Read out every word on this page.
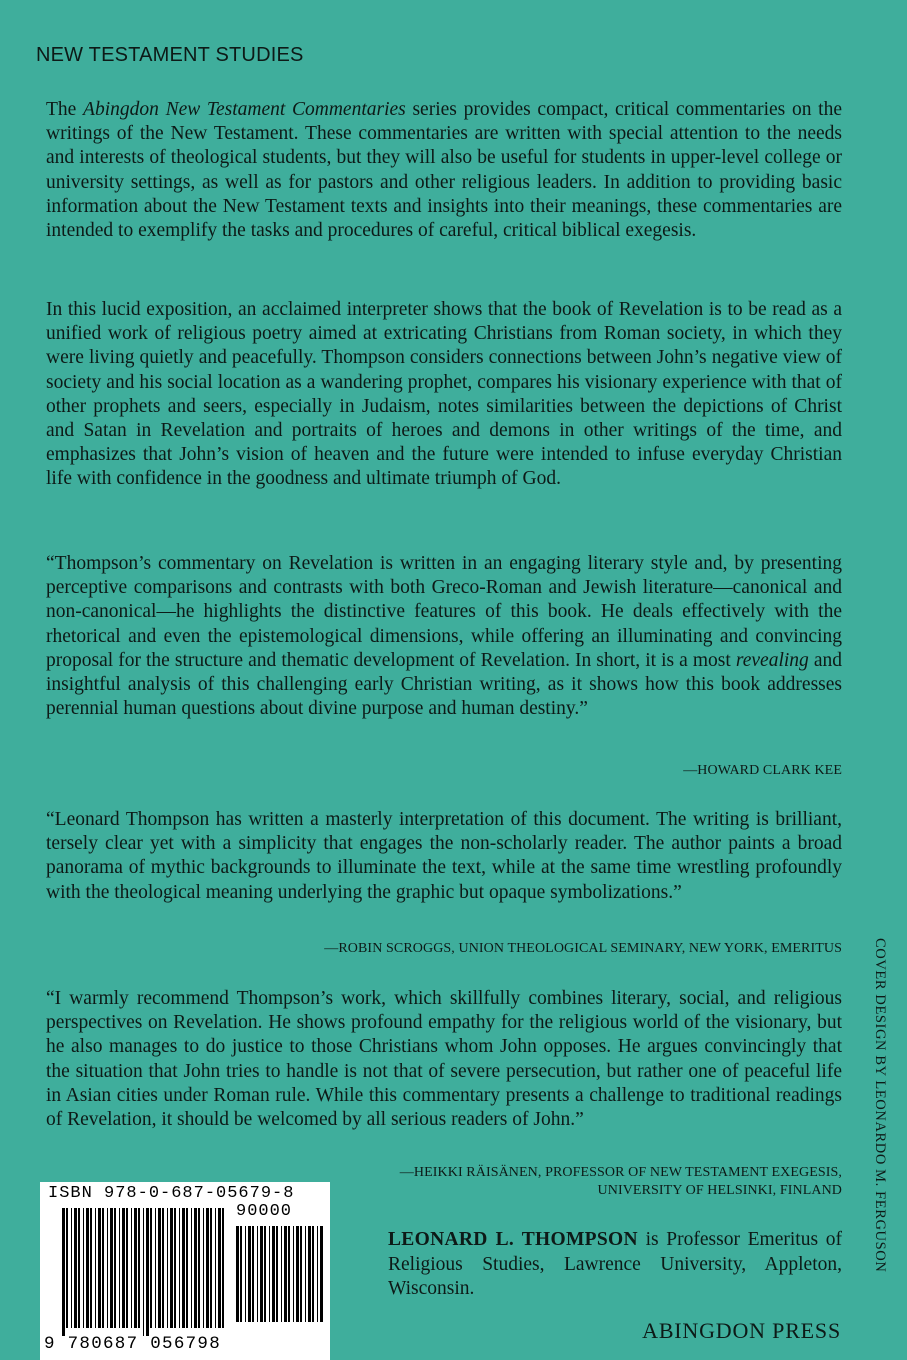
NEW TESTAMENT STUDIES

The Abingdon New Testament Commentaries series provides compact, critical commentaries on the writings of the New Testament. These commentaries are written with special attention to the needs and interests of theological students, but they will also be useful for students in upper-level college or university settings, as well as for pastors and other religious leaders. In addition to providing basic information about the New Testament texts and insights into their meanings, these commentaries are intended to exemplify the tasks and procedures of careful, critical biblical exegesis.

In this lucid exposition, an acclaimed interpreter shows that the book of Revelation is to be read as a unified work of religious poetry aimed at extricating Christians from Roman society, in which they were living quietly and peacefully. Thompson considers connections between John’s negative view of society and his social location as a wandering prophet, compares his visionary experience with that of other prophets and seers, especially in Judaism, notes similarities between the depictions of Christ and Satan in Revelation and portraits of heroes and demons in other writings of the time, and emphasizes that John’s vision of heaven and the future were intended to infuse everyday Christian life with confidence in the goodness and ultimate triumph of God.

“Thompson’s commentary on Revelation is written in an engaging literary style and, by presenting perceptive comparisons and contrasts with both Greco-Roman and Jewish literature—canonical and non-canonical—he highlights the distinctive features of this book. He deals effectively with the rhetorical and even the epistemological dimensions, while offering an illuminating and convincing proposal for the structure and thematic development of Revelation. In short, it is a most revealing and insightful analysis of this challenging early Christian writing, as it shows how this book addresses perennial human questions about divine purpose and human destiny.”

—HOWARD CLARK KEE

“Leonard Thompson has written a masterly interpretation of this document. The writing is brilliant, tersely clear yet with a simplicity that engages the non-scholarly reader. The author paints a broad panorama of mythic backgrounds to illuminate the text, while at the same time wrestling profoundly with the theological meaning underlying the graphic but opaque symbolizations.”

—ROBIN SCROGGS, UNION THEOLOGICAL SEMINARY, NEW YORK, EMERITUS

“I warmly recommend Thompson’s work, which skillfully combines literary, social, and religious perspectives on Revelation. He shows profound empathy for the religious world of the visionary, but he also manages to do justice to those Christians whom John opposes. He argues convincingly that the situation that John tries to handle is not that of severe persecution, but rather one of peaceful life in Asian cities under Roman rule. While this commentary presents a challenge to traditional readings of Revelation, it should be welcomed by all serious readers of John.”

—HEIKKI RÄISÄNEN, PROFESSOR OF NEW TESTAMENT EXEGESIS,
UNIVERSITY OF HELSINKI, FINLAND	COVER DESIGN BY LEONARDO M. FERGUSON
ISBN 978-0-687-05679-8
90000
9 780687 056798
LEONARD L. THOMPSON is Professor Emeritus of Religious Studies, Lawrence University, Appleton, Wisconsin.
ABINGDON PRESS
